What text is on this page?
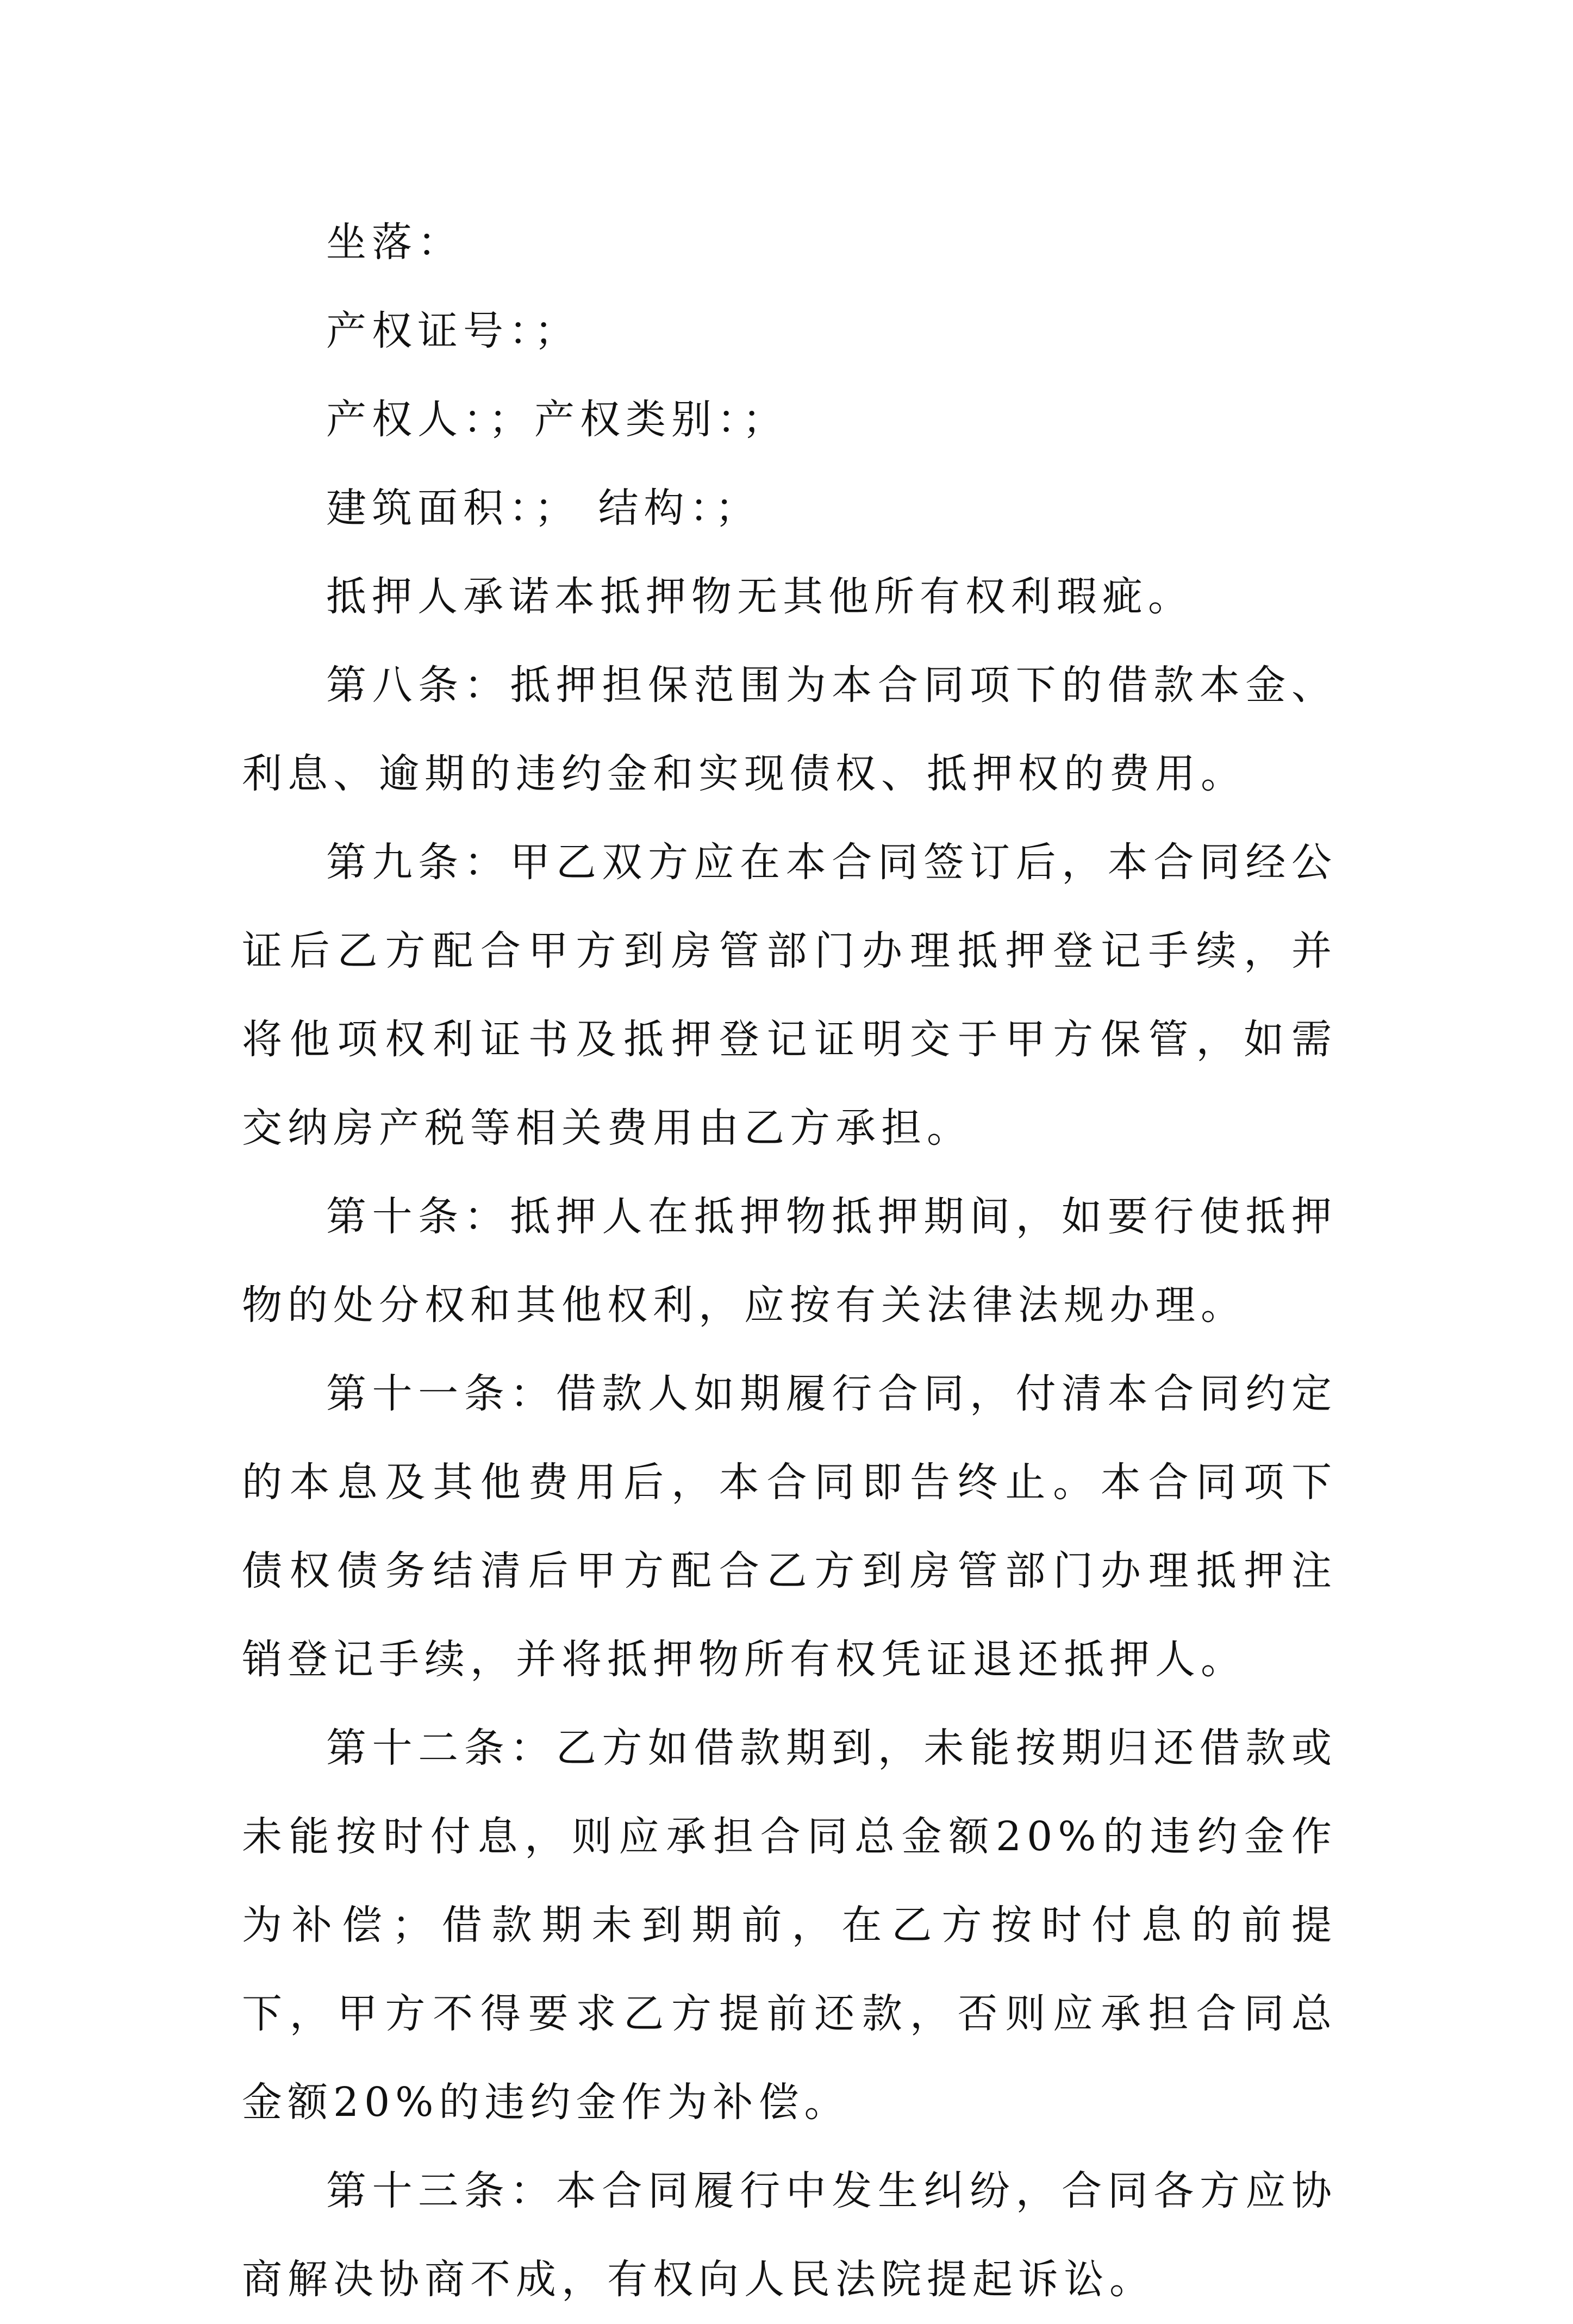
坐落：

产权证号：；

产权人：；产权类别：；

建筑面积：； 结构：；

抵押人承诺本抵押物无其他所有权利瑕疵。

第八条：抵押担保范围为本合同项下的借款本金、利息、逾期的违约金和实现债权、抵押权的费用。

第九条：甲乙双方应在本合同签订后，本合同经公证后乙方配合甲方到房管部门办理抵押登记手续，并将他项权利证书及抵押登记证明交于甲方保管，如需交纳房产税等相关费用由乙方承担。

第十条：抵押人在抵押物抵押期间，如要行使抵押物的处分权和其他权利，应按有关法律法规办理。

第十一条：借款人如期履行合同，付清本合同约定的本息及其他费用后，本合同即告终止。本合同项下债权债务结清后甲方配合乙方到房管部门办理抵押注销登记手续，并将抵押物所有权凭证退还抵押人。

第十二条：乙方如借款期到，未能按期归还借款或未能按时付息，则应承担合同总金额20%的违约金作为补偿；借款期未到期前，在乙方按时付息的前提下，甲方不得要求乙方提前还款，否则应承担合同总金额20%的违约金作为补偿。

第十三条：本合同履行中发生纠纷，合同各方应协商解决协商不成，有权向人民法院提起诉讼。
